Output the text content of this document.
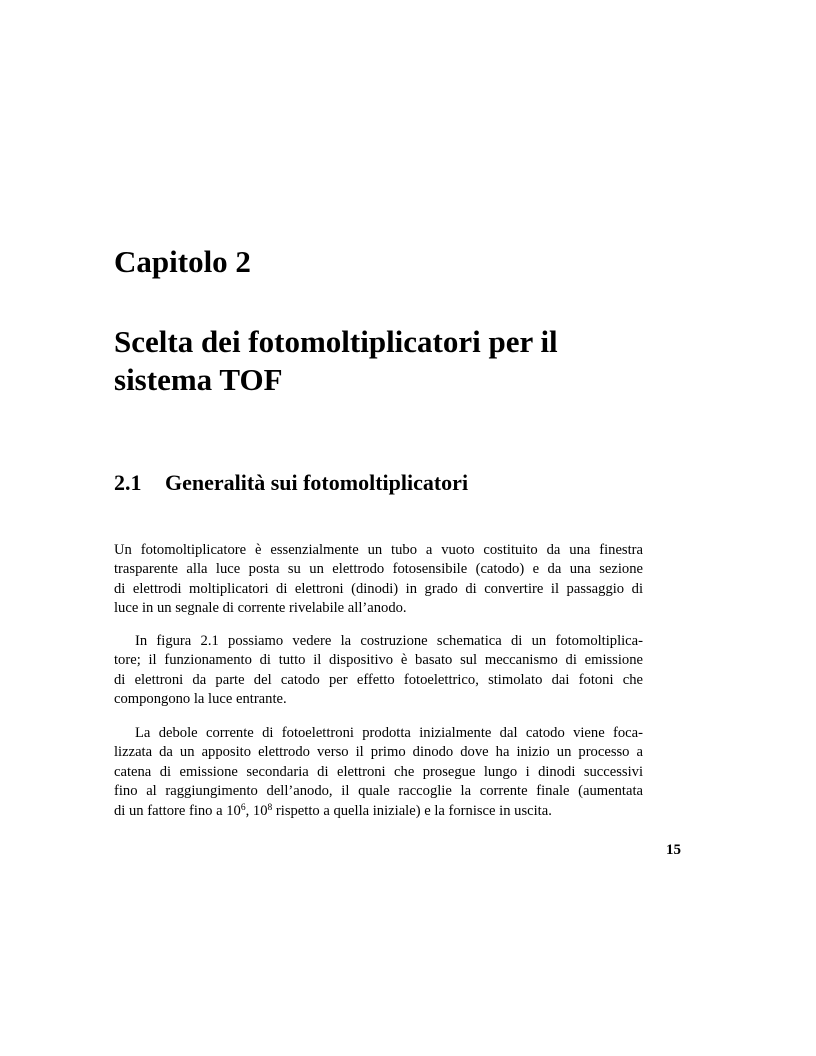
Capitolo 2
Scelta dei fotomoltiplicatori per il
sistema TOF
2.1 Generalità sui fotomoltiplicatori

Un fotomoltiplicatore è essenzialmente un tubo a vuoto costituito da una finestra
trasparente alla luce posta su un elettrodo fotosensibile (catodo) e da una sezione
di elettrodi moltiplicatori di elettroni (dinodi) in grado di convertire il passaggio di
luce in un segnale di corrente rivelabile all’anodo.

In figura 2.1 possiamo vedere la costruzione schematica di un fotomoltiplica-
tore; il funzionamento di tutto il dispositivo è basato sul meccanismo di emissione
di elettroni da parte del catodo per effetto fotoelettrico, stimolato dai fotoni che
compongono la luce entrante.

La debole corrente di fotoelettroni prodotta inizialmente dal catodo viene foca-
lizzata da un apposito elettrodo verso il primo dinodo dove ha inizio un processo a
catena di emissione secondaria di elettroni che prosegue lungo i dinodi successivi
fino al raggiungimento dell’anodo, il quale raccoglie la corrente finale (aumentata
di un fattore fino a $10^6$, $10^8$ rispetto a quella iniziale) e la fornisce in uscita.

15
